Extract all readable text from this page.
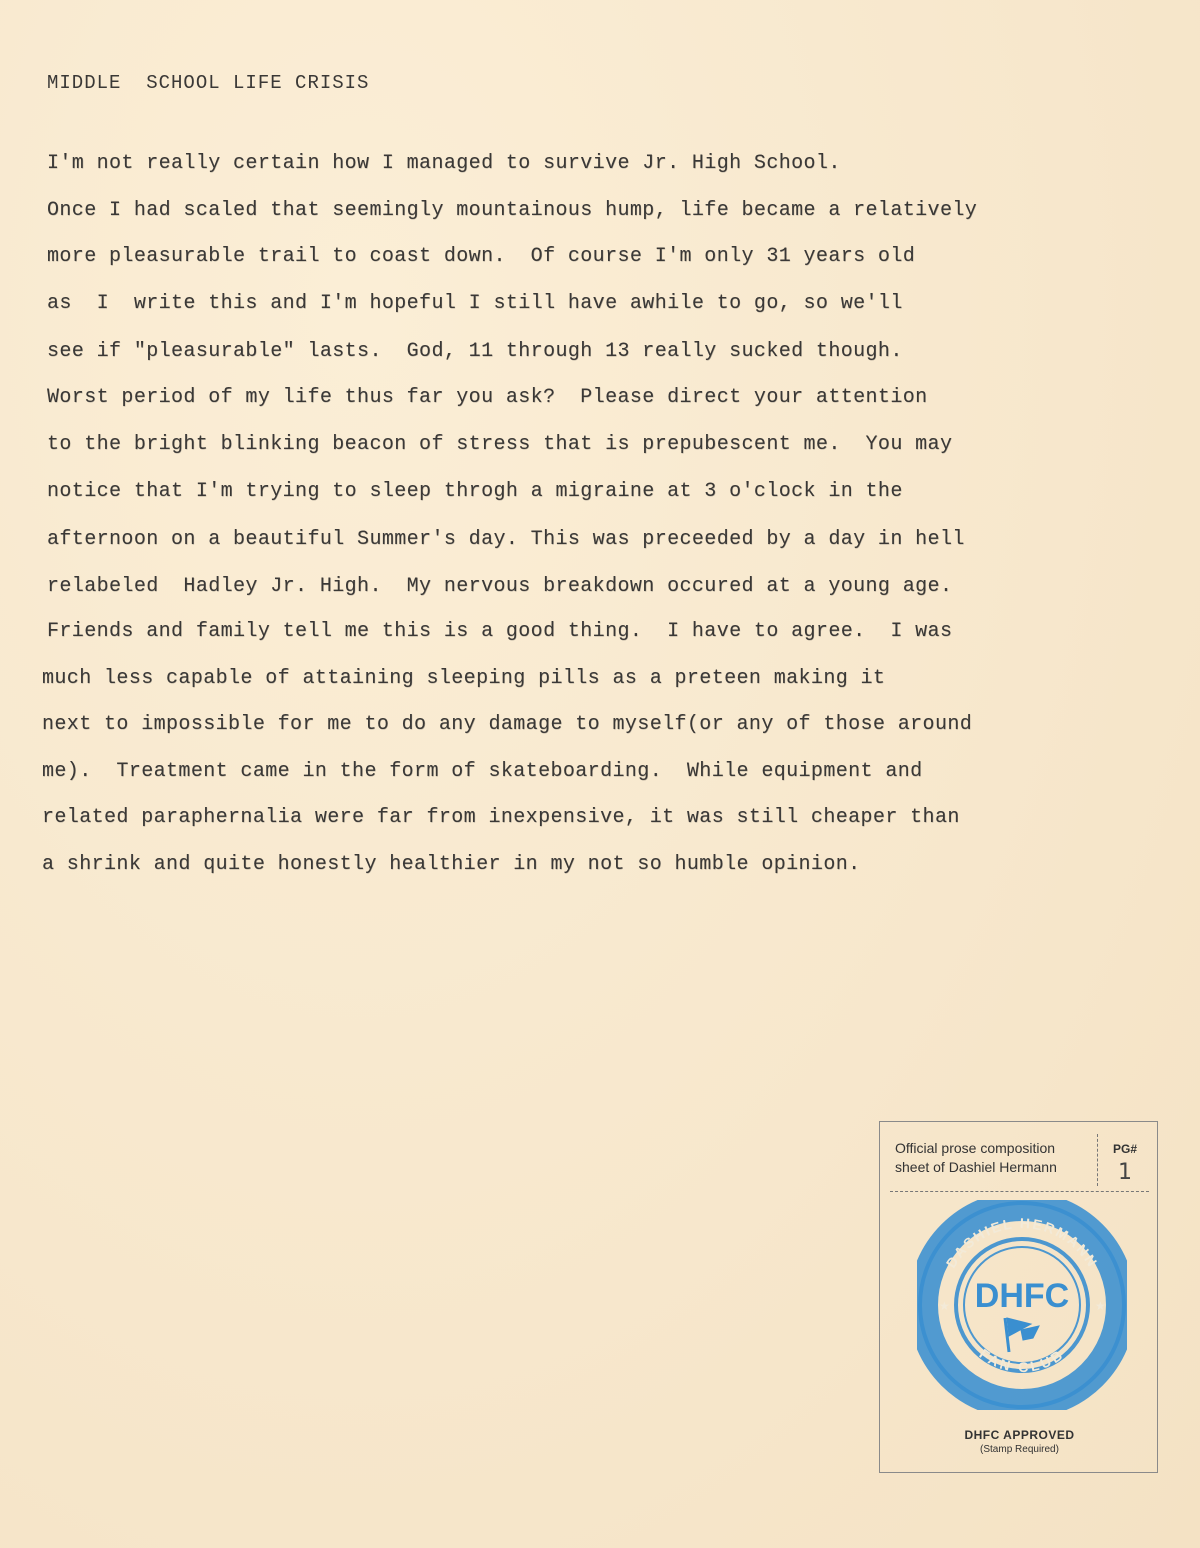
MIDDLE  SCHOOL LIFE CRISIS
I'm not really certain how I managed to survive Jr. High School.
Once I had scaled that seemingly mountainous hump, life became a relatively
more pleasurable trail to coast down.  Of course I'm only 31 years old
as  I  write this and I'm hopeful I still have awhile to go, so we'll
see if "pleasurable" lasts.  God, 11 through 13 really sucked though.
Worst period of my life thus far you ask?  Please direct your attention
to the bright blinking beacon of stress that is prepubescent me.  You may
notice that I'm trying to sleep throgh a migraine at 3 o'clock in the
afternoon on a beautiful Summer's day. This was preceeded by a day in hell
relabeled  Hadley Jr. High.  My nervous breakdown occured at a young age.
Friends and family tell me this is a good thing.  I have to agree.  I was
much less capable of attaining sleeping pills as a preteen making it
next to impossible for me to do any damage to myself(or any of those around
me).  Treatment came in the form of skateboarding.  While equipment and
related paraphernalia were far from inexpensive, it was still cheaper than
a shrink and quite honestly healthier in my not so humble opinion.
Official prose composition
sheet of Dashiel Hermann
PG#
1
DASHIEL HERMANN
FAN CLUB
★	★
DHFC
DHFC APPROVED
(Stamp Required)
